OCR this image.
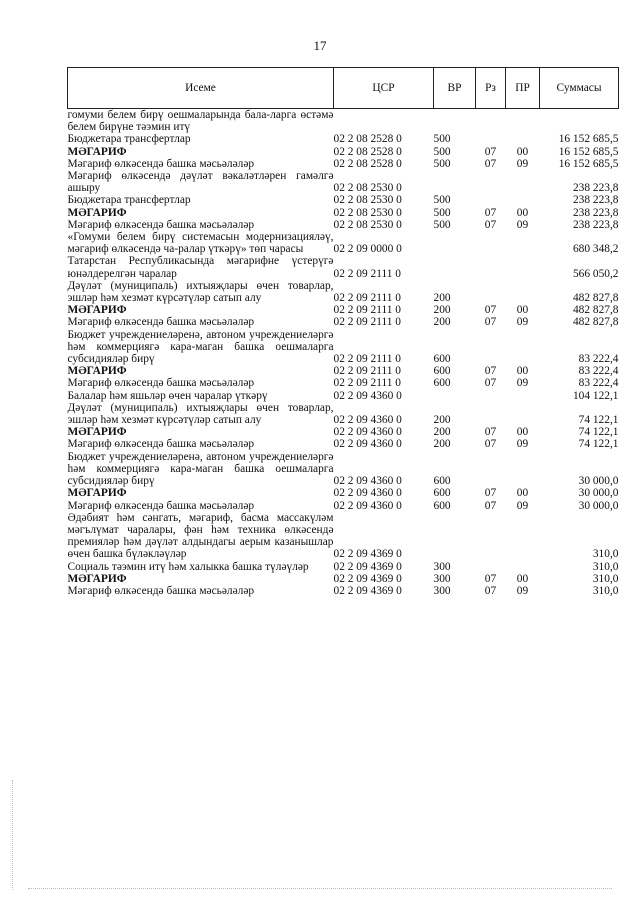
17
Исеме	ЦСР	ВР	Рз	ПР	Суммасы

гомуми белем бирү оешмаларында бала-ларга өстәмә белем бирүне тәэмин итү					

Бюджетара трансфертлар	02 2 08 2528 0	500			16 152 685,5

МӘГАРИФ	02 2 08 2528 0	500	07	00	16 152 685,5

Мәгариф өлкәсендә башка мәсьәләләр	02 2 08 2528 0	500	07	09	16 152 685,5

Мәгариф өлкәсендә дәүләт вәкаләтләрен гамәлгә ашыру	02 2 08 2530 0				238 223,8

Бюджетара трансфертлар	02 2 08 2530 0	500			238 223,8

МӘГАРИФ	02 2 08 2530 0	500	07	00	238 223,8

Мәгариф өлкәсендә башка мәсьәләләр	02 2 08 2530 0	500	07	09	238 223,8

«Гомуми белем бирү системасын модернизацияләү, мәгариф өлкәсендә ча-ралар үткәрү» төп чарасы	02 2 09 0000 0				680 348,2

Татарстан Республикасында мәгарифне үстерүгә юнәлдерелгән чаралар	02 2 09 2111 0				566 050,2

Дәүләт (муниципаль) ихтыяҗлары өчен товарлар, эшләр һәм хезмәт күрсәтүләр сатып алу	02 2 09 2111 0	200			482 827,8

МӘГАРИФ	02 2 09 2111 0	200	07	00	482 827,8

Мәгариф өлкәсендә башка мәсьәләләр	02 2 09 2111 0	200	07	09	482 827,8

Бюджет учреждениеләренә, автоном учреждениеләргә һәм коммерциягә кара-маган башка оешмаларга субсидияләр бирү	02 2 09 2111 0	600			83 222,4

МӘГАРИФ	02 2 09 2111 0	600	07	00	83 222,4

Мәгариф өлкәсендә башка мәсьәләләр	02 2 09 2111 0	600	07	09	83 222,4

Балалар һәм яшьләр өчен чаралар үткәрү	02 2 09 4360 0				104 122,1

Дәүләт (муниципаль) ихтыяҗлары өчен товарлар, эшләр һәм хезмәт күрсәтүләр сатып алу	02 2 09 4360 0	200			74 122,1

МӘГАРИФ	02 2 09 4360 0	200	07	00	74 122,1

Мәгариф өлкәсендә башка мәсьәләләр	02 2 09 4360 0	200	07	09	74 122,1

Бюджет учреждениеләренә, автоном учреждениеләргә һәм коммерциягә кара-маган башка оешмаларга субсидияләр бирү	02 2 09 4360 0	600			30 000,0

МӘГАРИФ	02 2 09 4360 0	600	07	00	30 000,0

Мәгариф өлкәсендә башка мәсьәләләр	02 2 09 4360 0	600	07	09	30 000,0

Әдәбият һәм сәнгать, мәгариф, басма массакүләм мәгълүмат чаралары, фән һәм техника өлкәсендә премияләр һәм дәүләт алдындагы аерым казанышлар өчен башка бүләкләүләр	02 2 09 4369 0				310,0

Социаль тәэмин итү һәм халыкка башка түләүләр	02 2 09 4369 0	300			310,0

МӘГАРИФ	02 2 09 4369 0	300	07	00	310,0

Мәгариф өлкәсендә башка мәсьәләләр	02 2 09 4369 0	300	07	09	310,0
